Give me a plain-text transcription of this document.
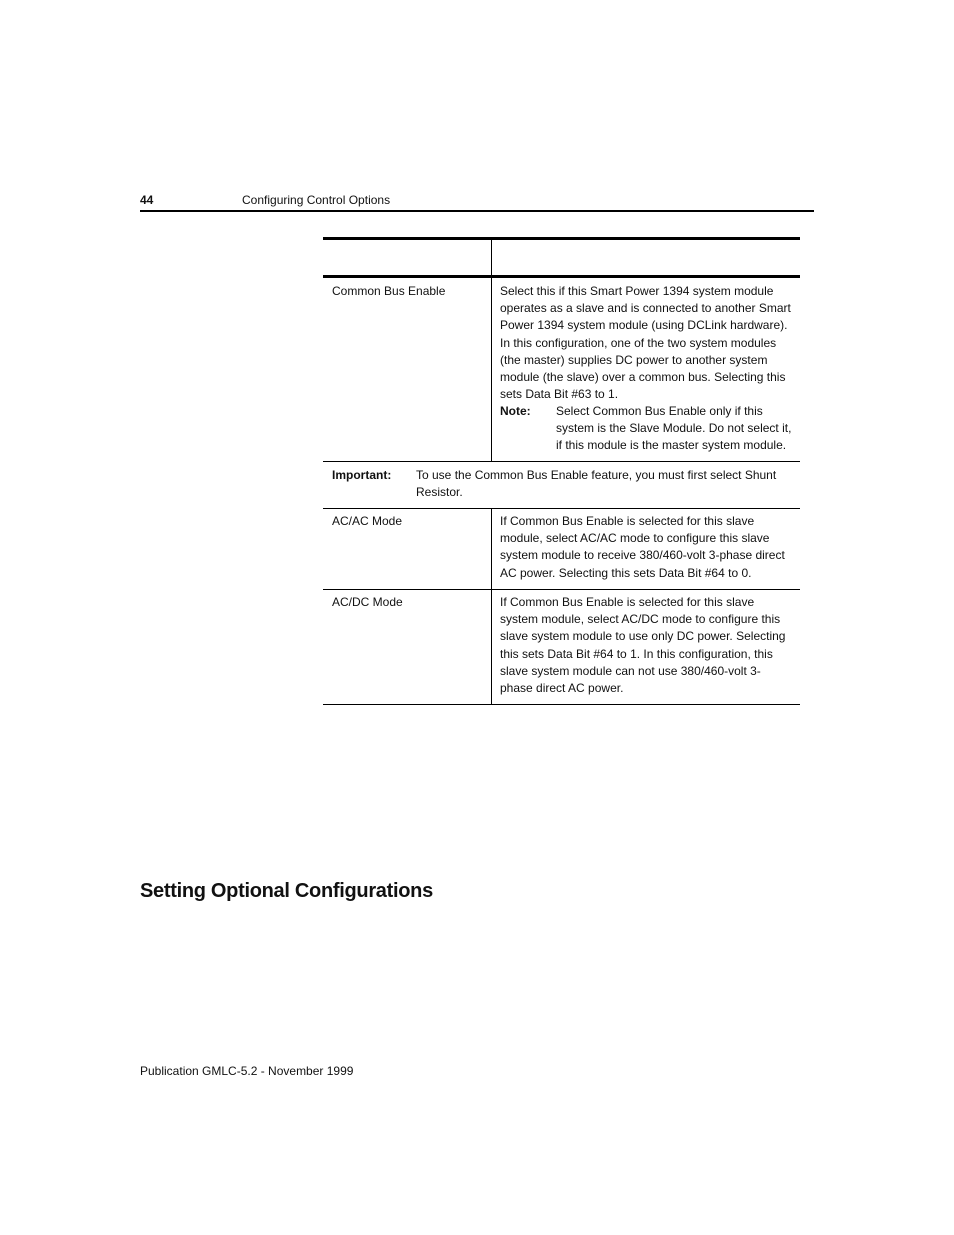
44	Configuring Control Options
Common Bus Enable	Select this if this Smart Power 1394 system module operates as a slave and is connected to another Smart Power 1394 system module (using DCLink hardware). In this configuration, one of the two system modules (the master) supplies DC power to another system module (the slave) over a common bus. Selecting this sets Data Bit #63 to 1.
Note: Select Common Bus Enable only if this system is the Slave Module. Do not select it, if this module is the master system module.
Important: To use the Common Bus Enable feature, you must first select Shunt Resistor.
AC/AC Mode	If Common Bus Enable is selected for this slave module, select AC/AC mode to configure this slave system module to receive 380/460-volt 3-phase direct AC power. Selecting this sets Data Bit #64 to 0.
AC/DC Mode	If Common Bus Enable is selected for this slave system module, select AC/DC mode to configure this slave system module to use only DC power. Selecting this sets Data Bit #64 to 1. In this configuration, this slave system module can not use 380/460-volt 3-phase direct AC power.
Setting Optional Configurations
Publication GMLC-5.2 - November 1999
